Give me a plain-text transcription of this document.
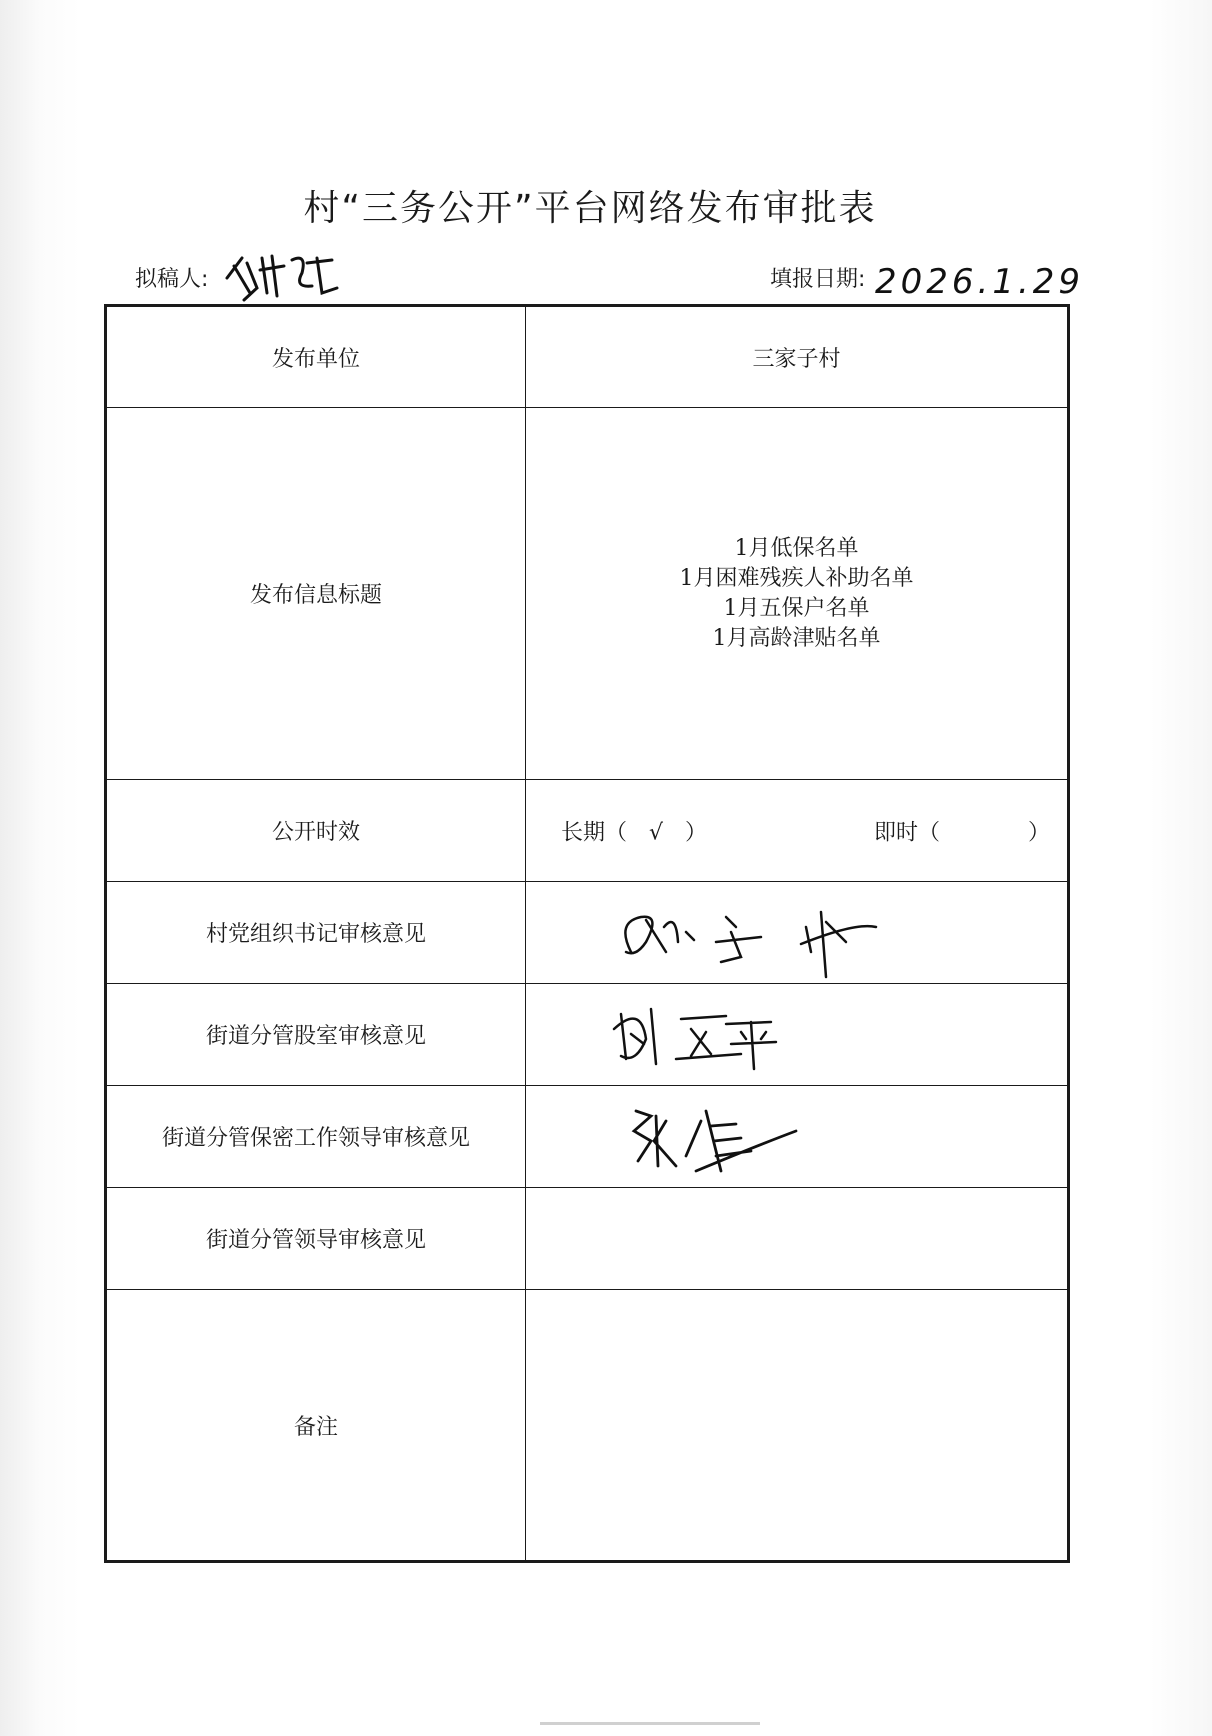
村“三务公开”平台网络发布审批表
拟稿人:	填报日期: 2026.1.29
发布单位	三家子村
发布信息标题	1月低保名单
1月困难残疾人补助名单
1月五保户名单
1月高龄津贴名单

公开时效	长期（　√　） 即时（　　　　）

村党组织书记审核意见	

街道分管股室审核意见	

街道分管保密工作领导审核意见	

街道分管领导审核意见	
备注	
